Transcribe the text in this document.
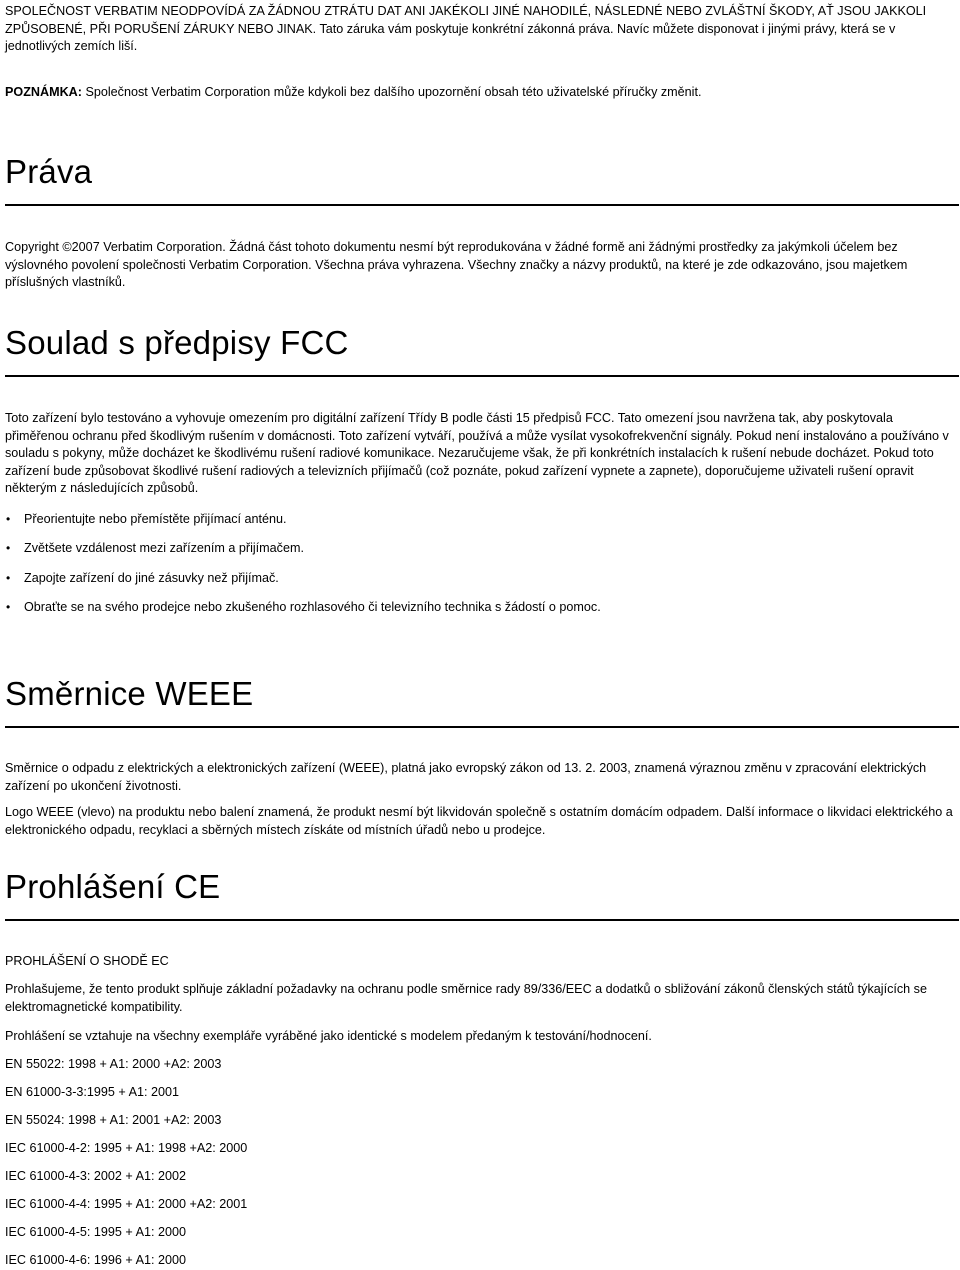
SPOLEČNOST VERBATIM NEODPOVÍDÁ ZA ŽÁDNOU ZTRÁTU DAT ANI JAKÉKOLI JINÉ NAHODILÉ, NÁSLEDNÉ NEBO ZVLÁŠTNÍ ŠKODY, AŤ JSOU JAKKOLI ZPŮSOBENÉ, PŘI PORUŠENÍ ZÁRUKY NEBO JINAK. Tato záruka vám poskytuje konkrétní zákonná práva. Navíc můžete disponovat i jinými právy, která se v jednotlivých zemích liší.

POZNÁMKA: Společnost Verbatim Corporation může kdykoli bez dalšího upozornění obsah této uživatelské příručky změnit.

Práva

Copyright ©2007 Verbatim Corporation. Žádná část tohoto dokumentu nesmí být reprodukována v žádné formě ani žádnými prostředky za jakýmkoli účelem bez výslovného povolení společnosti Verbatim Corporation. Všechna práva vyhrazena. Všechny značky a názvy produktů, na které je zde odkazováno, jsou majetkem příslušných vlastníků.

Soulad s předpisy FCC

Toto zařízení bylo testováno a vyhovuje omezením pro digitální zařízení Třídy B podle části 15 předpisů FCC. Tato omezení jsou navržena tak, aby poskytovala přiměřenou ochranu před škodlivým rušením v domácnosti. Toto zařízení vytváří, používá a může vysílat vysokofrekvenční signály. Pokud není instalováno a používáno v souladu s pokyny, může docházet ke škodlivému rušení radiové komunikace. Nezaručujeme však, že při konkrétních instalacích k rušení nebude docházet. Pokud toto zařízení bude způsobovat škodlivé rušení radiových a televizních přijímačů (což poznáte, pokud zařízení vypnete a zapnete), doporučujeme uživateli rušení opravit některým z následujících způsobů.

• Přeorientujte nebo přemístěte přijímací anténu.
• Zvětšete vzdálenost mezi zařízením a přijímačem.
• Zapojte zařízení do jiné zásuvky než přijímač.
• Obraťte se na svého prodejce nebo zkušeného rozhlasového či televizního technika s žádostí o pomoc.
Směrnice WEEE

Směrnice o odpadu z elektrických a elektronických zařízení (WEEE), platná jako evropský zákon od 13. 2. 2003, znamená výraznou změnu v zpracování elektrických zařízení po ukončení životnosti.

Logo WEEE (vlevo) na produktu nebo balení znamená, že produkt nesmí být likvidován společně s ostatním domácím odpadem. Další informace o likvidaci elektrického a elektronického odpadu, recyklaci a sběrných místech získáte od místních úřadů nebo u prodejce.

Prohlášení CE

PROHLÁŠENÍ O SHODĚ EC

Prohlašujeme, že tento produkt splňuje základní požadavky na ochranu podle směrnice rady 89/336/EEC a dodatků o sbližování zákonů členských států týkajících se elektromagnetické kompatibility.

Prohlášení se vztahuje na všechny exempláře vyráběné jako identické s modelem předaným k testování/hodnocení.

EN 55022: 1998 + A1: 2000 +A2: 2003
EN 61000-3-3:1995 + A1: 2001
EN 55024: 1998 + A1: 2001 +A2: 2003
IEC 61000-4-2: 1995 + A1: 1998 +A2: 2000
IEC 61000-4-3: 2002 + A1: 2002
IEC 61000-4-4: 1995 + A1: 2000 +A2: 2001
IEC 61000-4-5: 1995 + A1: 2000
IEC 61000-4-6: 1996 + A1: 2000
